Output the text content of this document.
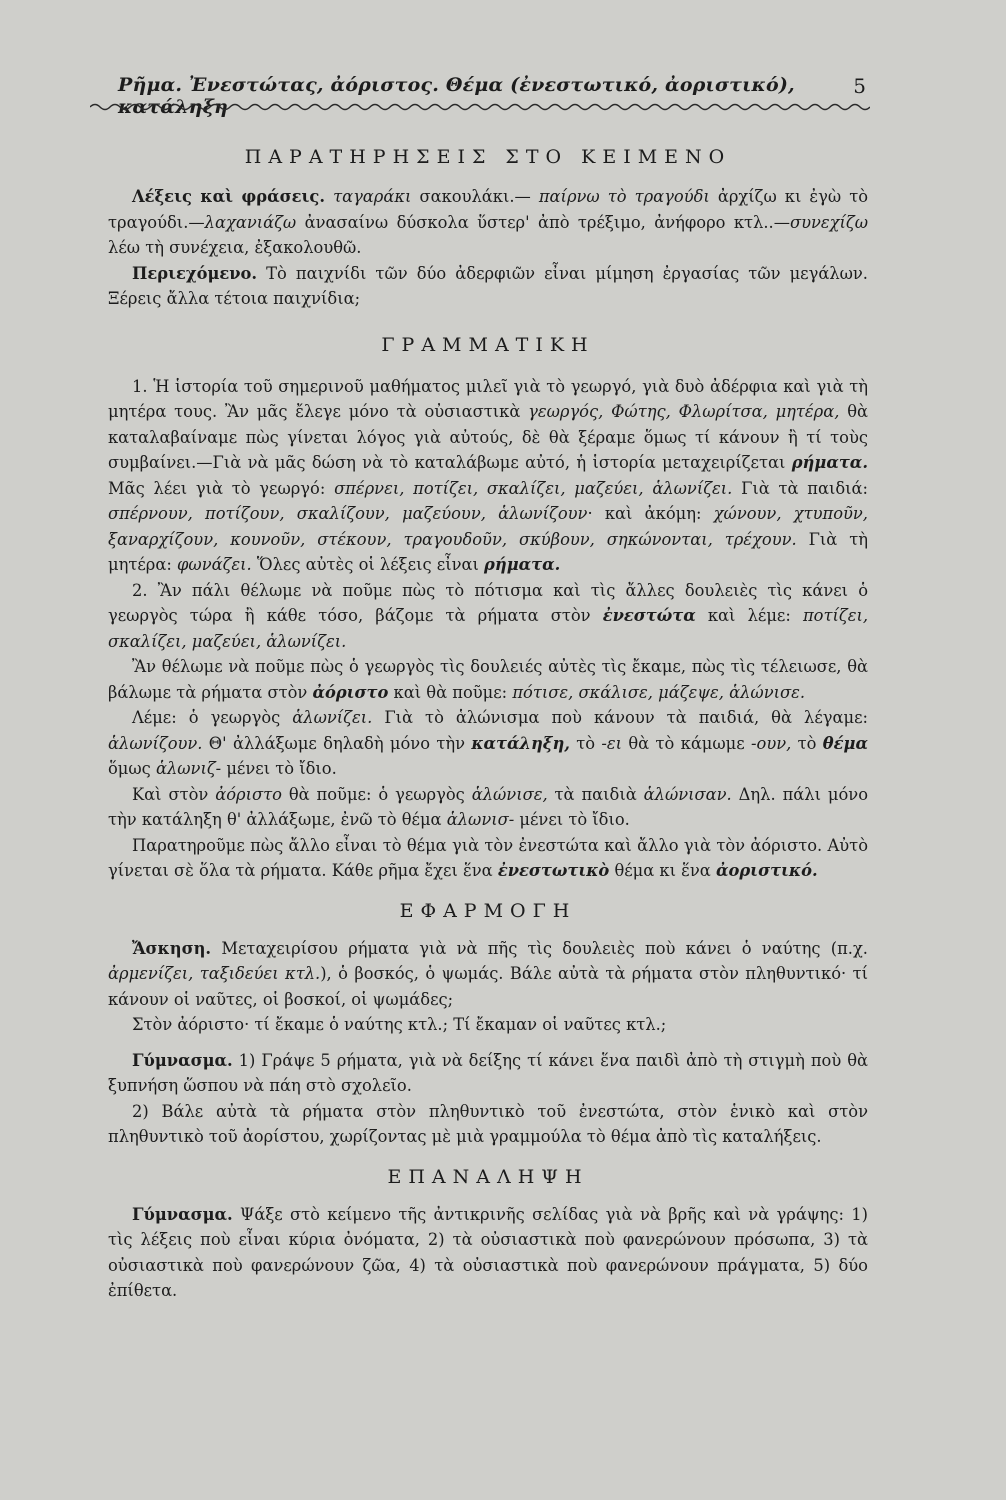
Ρῆμα. Ἐνεστώτας, ἀόριστος. Θέμα (ἐνεστωτικό, ἀοριστικό), κατάληξη
5
ΠΑΡΑΤΗΡΗΣΕΙΣ ΣΤΟ ΚΕΙΜΕΝΟ

Λέξεις καὶ φράσεις. ταγαράκι σακουλάκι.— παίρνω τὸ τραγούδι ἀρχίζω κι ἐγὼ τὸ τραγούδι.—λαχανιάζω ἀνασαίνω δύσκολα ὕστερ' ἀπὸ τρέξιμο, ἀνήφορο κτλ..—συνεχίζω λέω τὴ συνέχεια, ἐξακολουθῶ.

Περιεχόμενο. Τὸ παιχνίδι τῶν δύο ἀδερφιῶν εἶναι μίμηση ἐργασίας τῶν μεγάλων. Ξέρεις ἄλλα τέτοια παιχνίδια;

ΓΡΑΜΜΑΤΙΚΗ

1. Ἡ ἱστορία τοῦ σημερινοῦ μαθήματος μιλεῖ γιὰ τὸ γεωργό, γιὰ δυὸ ἀδέρφια καὶ γιὰ τὴ μητέρα τους. Ἂν μᾶς ἔλεγε μόνο τὰ οὐσιαστικὰ γεωργός, Φώτης, Φλωρίτσα, μητέρα, θὰ καταλαβαίναμε πὼς γίνεται λόγος γιὰ αὐτούς, δὲ θὰ ξέραμε ὅμως τί κάνουν ἢ τί τοὺς συμβαίνει.—Γιὰ νὰ μᾶς δώση νὰ τὸ καταλάβωμε αὐτό, ἡ ἱστορία μεταχειρίζεται ρήματα. Μᾶς λέει γιὰ τὸ γεωργό: σπέρνει, ποτίζει, σκαλίζει, μαζεύει, ἁλωνίζει. Γιὰ τὰ παιδιά: σπέρνουν, ποτίζουν, σκαλίζουν, μαζεύουν, ἁλωνίζουν· καὶ ἀκόμη: χώνουν, χτυποῦν, ξαναρχίζουν, κουνοῦν, στέκουν, τραγουδοῦν, σκύβουν, σηκώνονται, τρέχουν. Γιὰ τὴ μητέρα: φωνάζει. Ὅλες αὐτὲς οἱ λέξεις εἶναι ρήματα.

2. Ἂν πάλι θέλωμε νὰ ποῦμε πὼς τὸ πότισμα καὶ τὶς ἄλλες δουλειὲς τὶς κάνει ὁ γεωργὸς τώρα ἢ κάθε τόσο, βάζομε τὰ ρήματα στὸν ἐνεστώτα καὶ λέμε: ποτίζει, σκαλίζει, μαζεύει, ἁλωνίζει.

Ἂν θέλωμε νὰ ποῦμε πὼς ὁ γεωργὸς τὶς δουλειές αὐτὲς τὶς ἔκαμε, πὼς τὶς τέλειωσε, θὰ βάλωμε τὰ ρήματα στὸν ἀόριστο καὶ θὰ ποῦμε: πότισε, σκάλισε, μάζεψε, ἁλώνισε.

Λέμε: ὁ γεωργὸς ἁλωνίζει. Γιὰ τὸ ἁλώνισμα ποὺ κάνουν τὰ παιδιά, θὰ λέγαμε: ἁλωνίζουν. Θ' ἀλλάξωμε δηλαδὴ μόνο τὴν κατάληξη, τὸ -ει θὰ τὸ κάμωμε -ουν, τὸ θέμα ὅμως ἁλωνιζ- μένει τὸ ἴδιο.

Καὶ στὸν ἀόριστο θὰ ποῦμε: ὁ γεωργὸς ἁλώνισε, τὰ παιδιὰ ἁλώνισαν. Δηλ. πάλι μόνο τὴν κατάληξη θ' ἀλλάξωμε, ἐνῶ τὸ θέμα ἁλωνισ- μένει τὸ ἴδιο.

Παρατηροῦμε πὼς ἄλλο εἶναι τὸ θέμα γιὰ τὸν ἐνεστώτα καὶ ἄλλο γιὰ τὸν ἀόριστο. Αὐτὸ γίνεται σὲ ὅλα τὰ ρήματα. Κάθε ρῆμα ἔχει ἕνα ἐνεστωτικὸ θέμα κι ἕνα ἀοριστικό.

ΕΦΑΡΜΟΓΗ

Ἄσκηση. Μεταχειρίσου ρήματα γιὰ νὰ πῆς τὶς δουλειὲς ποὺ κάνει ὁ ναύτης (π.χ. ἀρμενίζει, ταξιδεύει κτλ.), ὁ βοσκός, ὁ ψωμάς. Βάλε αὐτὰ τὰ ρήματα στὸν πληθυντικό· τί κάνουν οἱ ναῦτες, οἱ βοσκοί, οἱ ψωμάδες;

Στὸν ἀόριστο· τί ἔκαμε ὁ ναύτης κτλ.; Τί ἔκαμαν οἱ ναῦτες κτλ.;

Γύμνασμα. 1) Γράψε 5 ρήματα, γιὰ νὰ δείξης τί κάνει ἕνα παιδὶ ἀπὸ τὴ στιγμὴ ποὺ θὰ ξυπνήση ὥσπου νὰ πάη στὸ σχολεῖο.

2) Βάλε αὐτὰ τὰ ρήματα στὸν πληθυντικὸ τοῦ ἐνεστώτα, στὸν ἑνικὸ καὶ στὸν πληθυντικὸ τοῦ ἀορίστου, χωρίζοντας μὲ μιὰ γραμμούλα τὸ θέμα ἀπὸ τὶς καταλήξεις.

ΕΠΑΝΑΛΗΨΗ

Γύμνασμα. Ψάξε στὸ κείμενο τῆς ἀντικρινῆς σελίδας γιὰ νὰ βρῆς καὶ νὰ γράψης: 1) τὶς λέξεις ποὺ εἶναι κύρια ὀνόματα, 2) τὰ οὐσιαστικὰ ποὺ φανερώνουν πρόσωπα, 3) τὰ οὐσιαστικὰ ποὺ φανερώνουν ζῶα, 4) τὰ οὐσιαστικὰ ποὺ φανερώνουν πράγματα, 5) δύο ἐπίθετα.
